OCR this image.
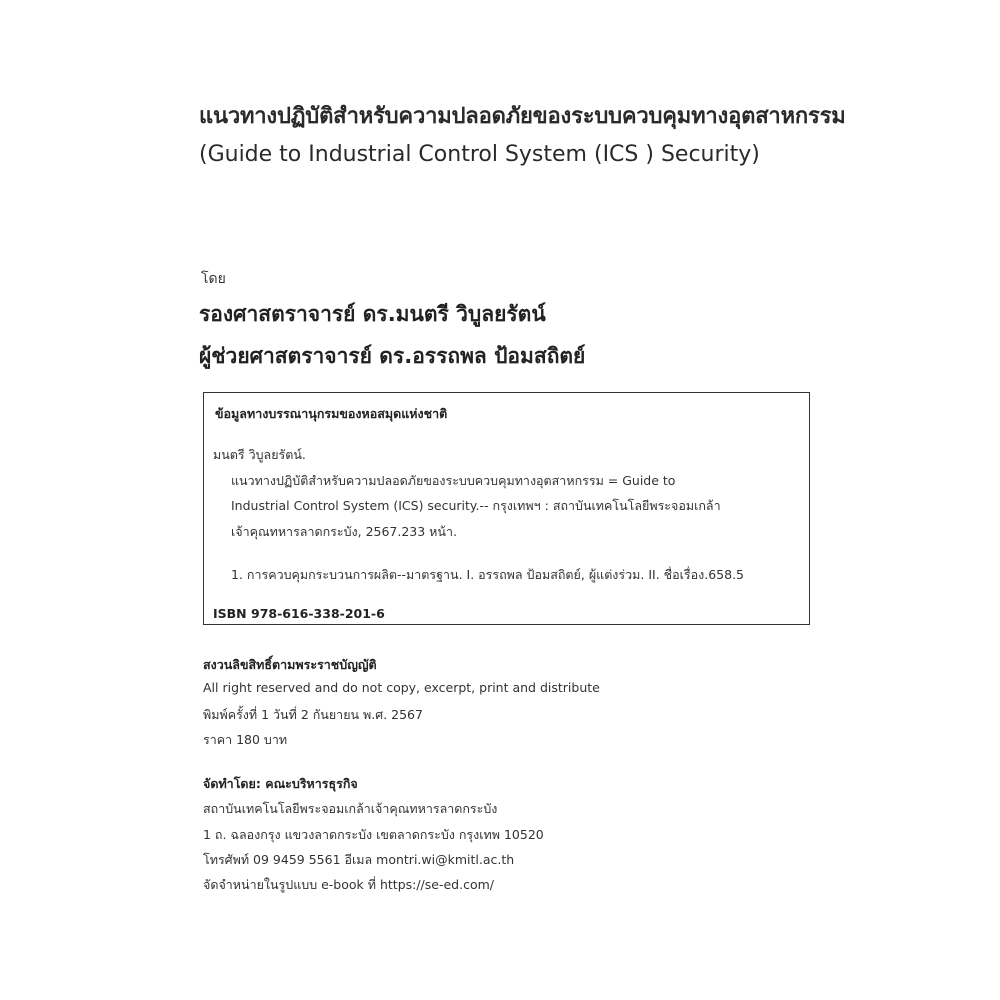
แนวทางปฏิบัติสำหรับความปลอดภัยของระบบควบคุมทางอุตสาหกรรม
(Guide to Industrial Control System (ICS ) Security)
โดย
รองศาสตราจารย์ ดร.มนตรี วิบูลยรัตน์
ผู้ช่วยศาสตราจารย์ ดร.อรรถพล ป้อมสถิตย์
ข้อมูลทางบรรณานุกรมของหอสมุดแห่งชาติ
มนตรี วิบูลยรัตน์.
แนวทางปฏิบัติสำหรับความปลอดภัยของระบบควบคุมทางอุตสาหกรรม = Guide to
Industrial Control System (ICS) security.-- กรุงเทพฯ : สถาบันเทคโนโลยีพระจอมเกล้า
เจ้าคุณทหารลาดกระบัง, 2567.233 หน้า.
1. การควบคุมกระบวนการผลิต--มาตรฐาน. I. อรรถพล ป้อมสถิตย์, ผู้แต่งร่วม. II. ชื่อเรื่อง.658.5
ISBN 978-616-338-201-6
สงวนลิขสิทธิ์ตามพระราชบัญญัติ
All right reserved and do not copy, excerpt, print and distribute
พิมพ์ครั้งที่ 1 วันที่ 2 กันยายน พ.ศ. 2567
ราคา 180 บาท
จัดทำโดย: คณะบริหารธุรกิจ
สถาบันเทคโนโลยีพระจอมเกล้าเจ้าคุณทหารลาดกระบัง
1 ถ. ฉลองกรุง แขวงลาดกระบัง เขตลาดกระบัง กรุงเทพ 10520
โทรศัพท์ 09 9459 5561 อีเมล montri.wi@kmitl.ac.th
จัดจำหน่ายในรูปแบบ e-book ที่ https://se-ed.com/
